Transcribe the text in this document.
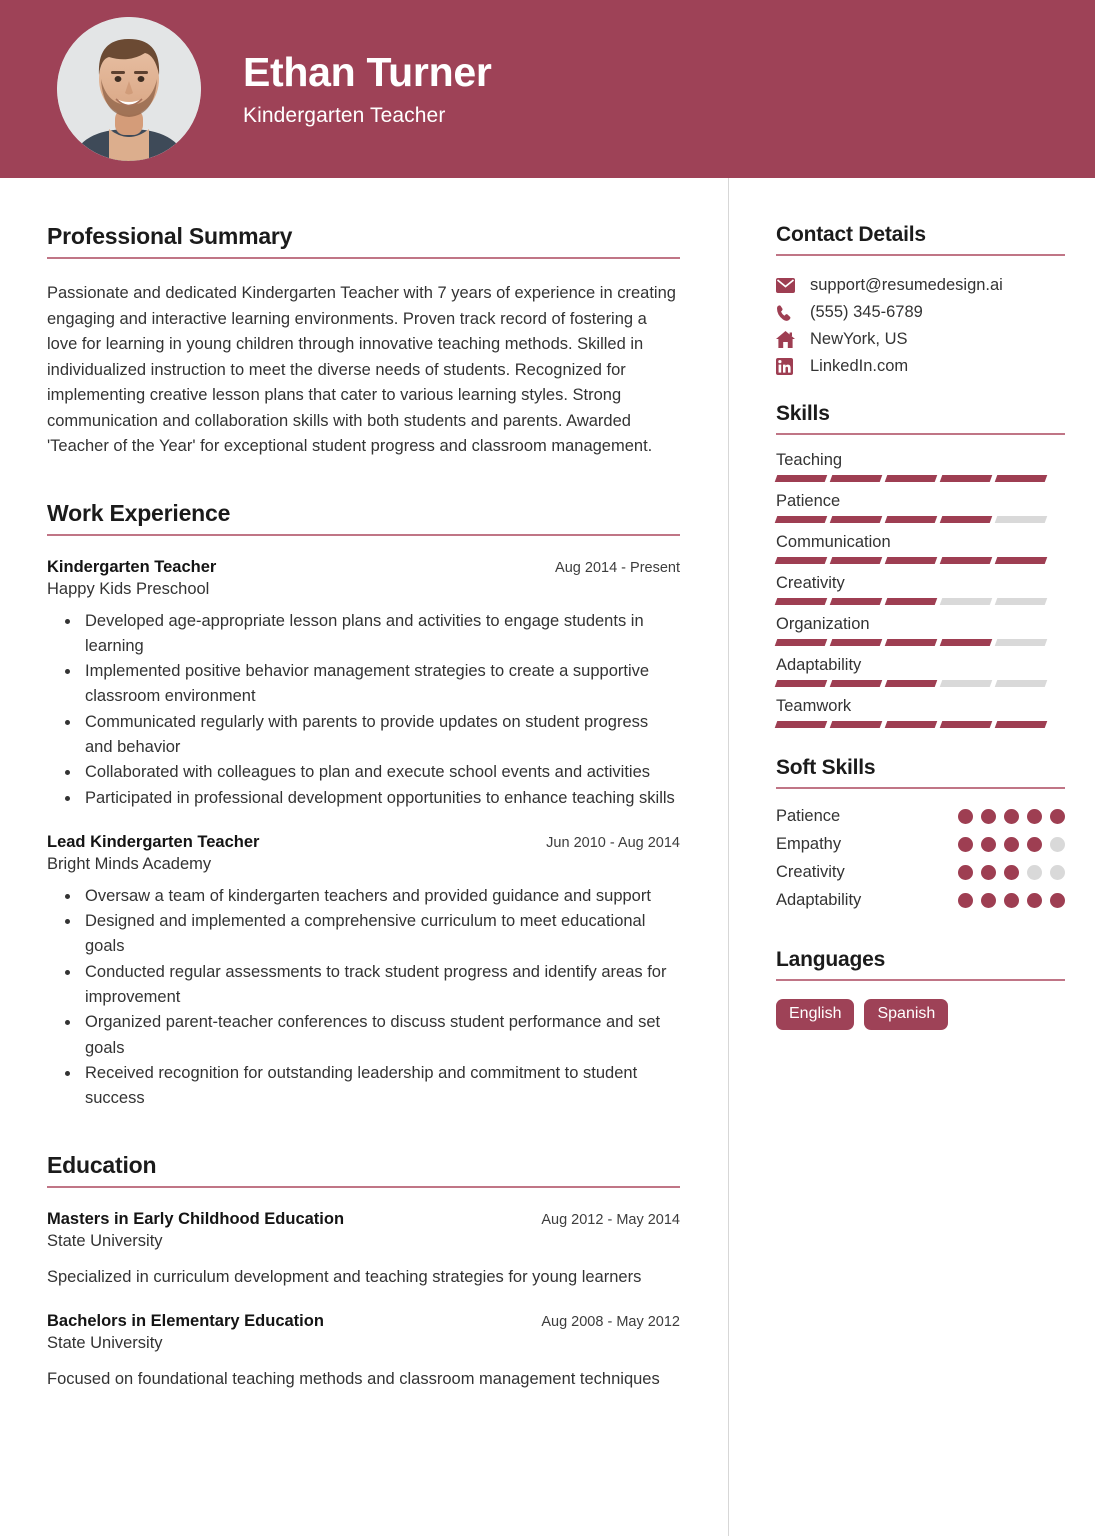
Ethan Turner
Kindergarten Teacher
Professional Summary
Passionate and dedicated Kindergarten Teacher with 7 years of experience in creating engaging and interactive learning environments. Proven track record of fostering a love for learning in young children through innovative teaching methods. Skilled in individualized instruction to meet the diverse needs of students. Recognized for implementing creative lesson plans that cater to various learning styles. Strong communication and collaboration skills with both students and parents. Awarded 'Teacher of the Year' for exceptional student progress and classroom management.
Work Experience
Kindergarten Teacher	Aug 2014 - Present
Happy Kids Preschool
• Developed age-appropriate lesson plans and activities to engage students in learning
• Implemented positive behavior management strategies to create a supportive classroom environment
• Communicated regularly with parents to provide updates on student progress and behavior
• Collaborated with colleagues to plan and execute school events and activities
• Participated in professional development opportunities to enhance teaching skills
Lead Kindergarten Teacher	Jun 2010 - Aug 2014
Bright Minds Academy
• Oversaw a team of kindergarten teachers and provided guidance and support
• Designed and implemented a comprehensive curriculum to meet educational goals
• Conducted regular assessments to track student progress and identify areas for improvement
• Organized parent-teacher conferences to discuss student performance and set goals
• Received recognition for outstanding leadership and commitment to student success
Education
Masters in Early Childhood Education	Aug 2012 - May 2014
State University
Specialized in curriculum development and teaching strategies for young learners
Bachelors in Elementary Education	Aug 2008 - May 2012
State University
Focused on foundational teaching methods and classroom management techniques
Contact Details
support@resumedesign.ai
(555) 345-6789
NewYork, US
LinkedIn.com
Skills
Teaching
Patience
Communication
Creativity
Organization
Adaptability
Teamwork
Soft Skills
Patience
Empathy
Creativity
Adaptability
Languages
English	Spanish
